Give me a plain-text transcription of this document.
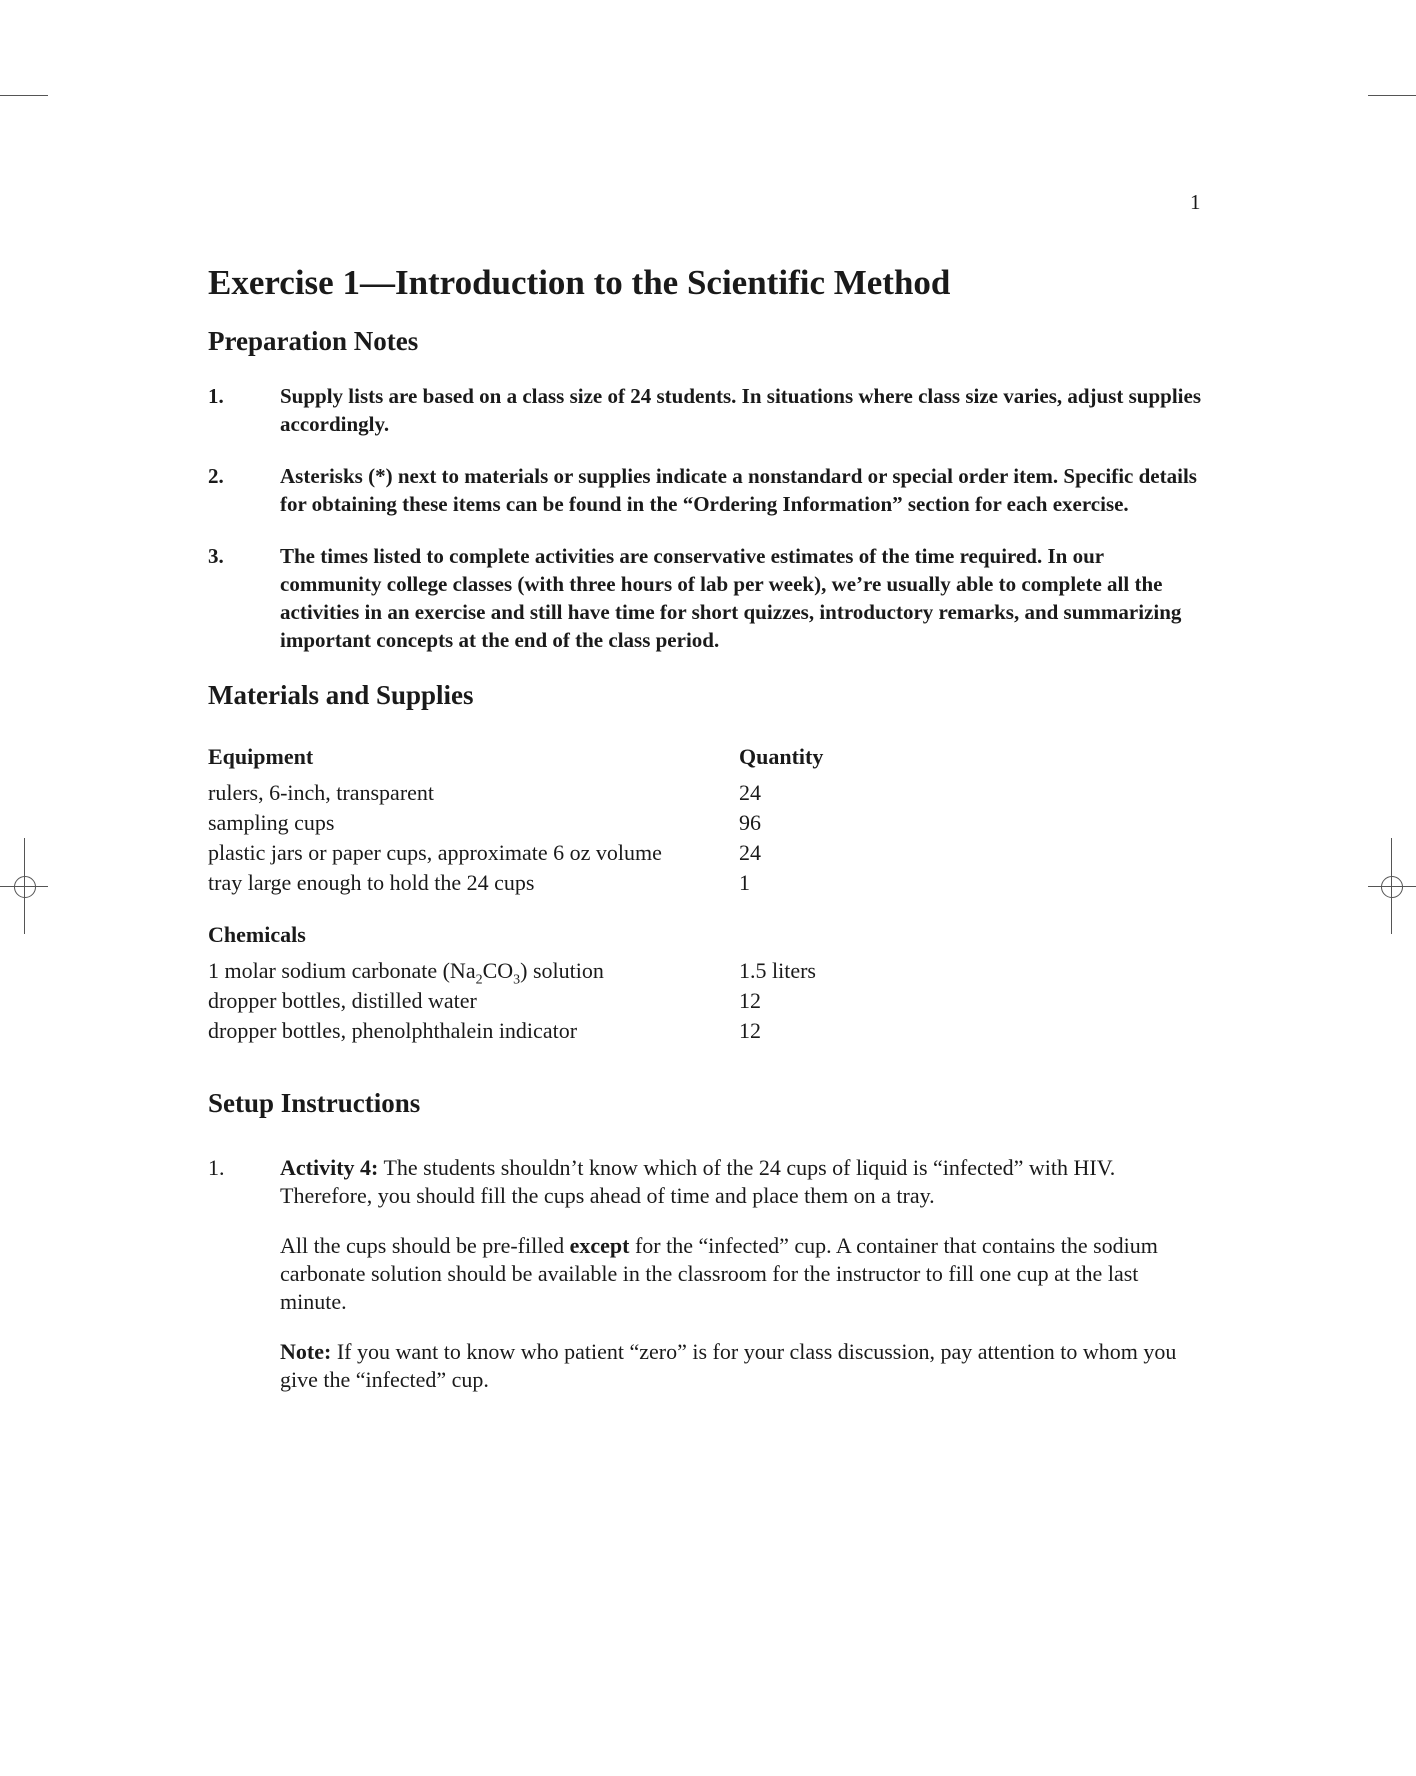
1
Exercise 1—Introduction to the Scientific Method
Preparation Notes
1.	Supply lists are based on a class size of 24 students. In situations where class size varies, adjust supplies accordingly.
2.	Asterisks (*) next to materials or supplies indicate a nonstandard or special order item. Specific details for obtaining these items can be found in the “Ordering Information” section for each exercise.
3.	The times listed to complete activities are conservative estimates of the time required. In our community college classes (with three hours of lab per week), we’re usually able to complete all the activities in an exercise and still have time for short quizzes, introductory remarks, and summarizing important concepts at the end of the class period.
Materials and Supplies
Equipment	Quantity
rulers, 6-inch, transparent	24
sampling cups	96
plastic jars or paper cups, approximate 6 oz volume	24
tray large enough to hold the 24 cups	1
Chemicals	
1 molar sodium carbonate $(Na_2CO_3)$ solution	1.5 liters
dropper bottles, distilled water	12
dropper bottles, phenolphthalein indicator	12
Setup Instructions
1.	Activity 4: The students shouldn’t know which of the 24 cups of liquid is “infected” with HIV. Therefore, you should fill the cups ahead of time and place them on a tray.

All the cups should be pre-filled except for the “infected” cup. A container that contains the sodium carbonate solution should be available in the classroom for the instructor to fill one cup at the last minute.

Note: If you want to know who patient “zero” is for your class discussion, pay attention to whom you give the “infected” cup.
